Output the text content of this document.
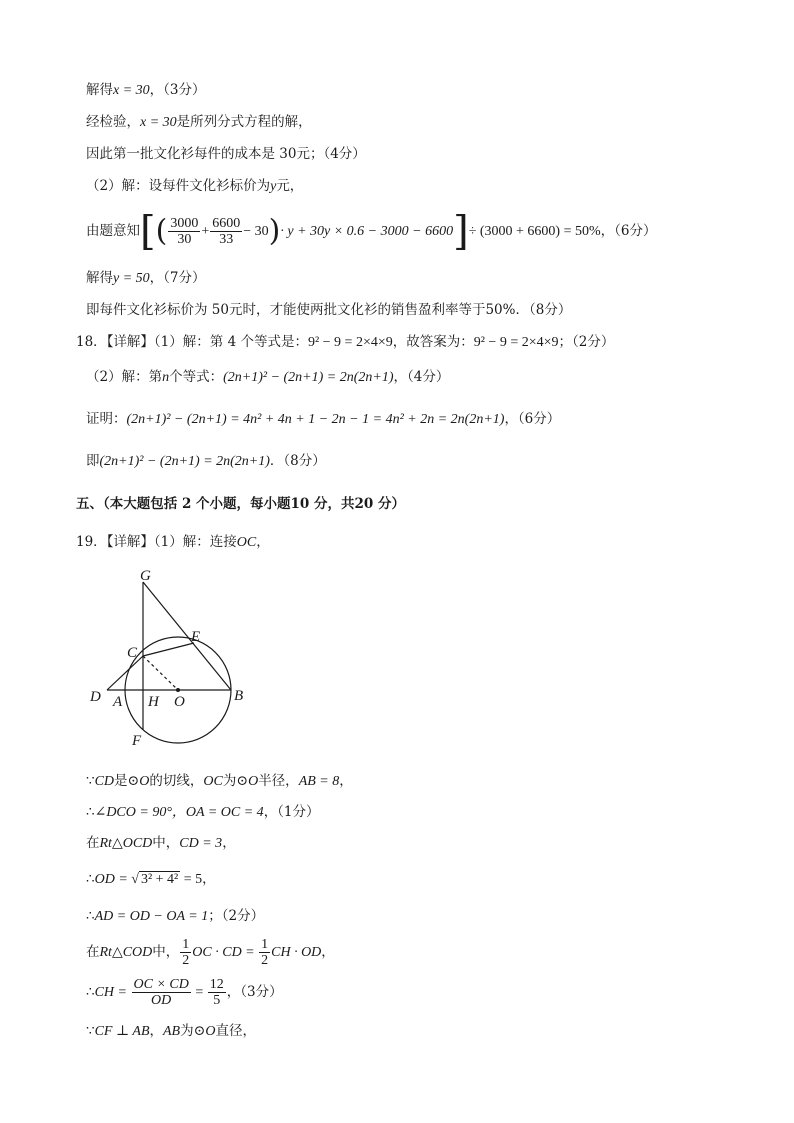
解得x = 30，（3分）
经检验，x = 30是所列分式方程的解，
因此第一批文化衫每件的成本是 30元；（4分）
（2）解：设每件文化衫标价为y元，
由题意知[( $\frac{3000}{30} + \frac{6600}{33} - 30)\cdot y + 30y \times 0.6 - 3000 - 6600]\div (3000 + 6600) = 50\%$，（6分）
解得y = 50，（7分）
即每件文化衫标价为 50元时，才能使两批文化衫的销售盈利率等于50%．（8分）
18．【详解】（1）解：第 4 个等式是：9² − 9 = 2×4×9，故答案为：9² − 9 = 2×4×9；（2分）
（2）解：第n个等式：(2n+1)² − (2n+1) = 2n(2n+1)，（4分）
证明：(2n+1)² − (2n+1) = 4n² + 4n + 1 − 2n − 1 = 4n² + 2n = 2n(2n+1)，（6分）
即(2n+1)² − (2n+1) = 2n(2n+1)．（8分）
五、（本大题包括 2 个小题，每小题10 分，共20 分）
19．【详解】（1）解：连接OC，
G
E
C
D A H O	B
F
∵CD是⊙O的切线，OC为⊙O半径，AB = 8，
∴∠DCO = 90°，OA = OC = 4，（1分）
在Rt△OCD中，CD = 3，
∴OD = √ 3² + 4² = 5，
∴AD = OD − OA = 1；（2分）
在Rt△COD中， $\frac{1}{2}$ OC · CD = $\frac{1}{2}$ CH · OD，
∴CH = $\frac{OC \times CD}{OD} = \frac{12}{5}$ ，（3分）
∵CF ⊥ AB，AB为⊙O直径，
